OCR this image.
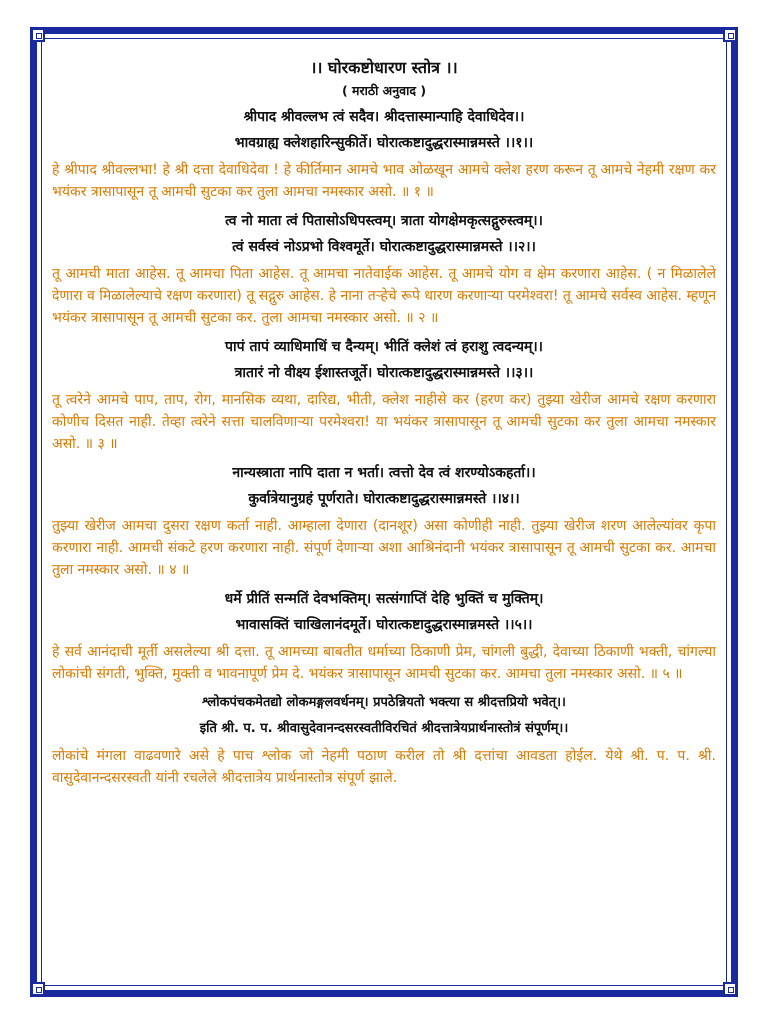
।। घोरकष्टोधारण स्तोत्र ।।
( मराठी अनुवाद )
श्रीपाद श्रीवल्लभ त्वं सदैव। श्रीदत्तास्मान्पाहि देवाधिदेव।।
भावग्राह्य क्लेशहारिन्सुकीर्ते। घोरात्कष्टादुद्धरास्मान्नमस्ते ।।१।।
हे श्रीपाद श्रीवल्लभा! हे श्री दत्ता देवाधिदेवा ! हे कीर्तिमान आमचे भाव ओळखून आमचे क्लेश हरण करून तू आमचे नेहमी रक्षण कर भयंकर त्रासापासून तू आमची सुटका कर तुला आमचा नमस्कार असो. ॥ १ ॥
त्व नो माता त्वं पितासोऽधिपस्त्वम्। त्राता योगक्षेमकृत्सद्गुरुस्त्वम्।।
त्वं सर्वस्वं नोऽप्रभो विश्वमूर्ते। घोरात्कष्टादुद्धरास्मान्नमस्ते ।।२।।
तू आमची माता आहेस. तू आमचा पिता आहेस. तू आमचा नातेवाईक आहेस. तू आमचे योग व क्षेम करणारा आहेस. ( न मिळालेले देणारा व मिळालेल्याचे रक्षण करणारा) तू सद्गुरु आहेस. हे नाना तऱ्हेचे रूपे धारण करणाऱ्या परमेश्वरा! तू आमचे सर्वस्व आहेस. म्हणून भयंकर त्रासापासून तू आमची सुटका कर. तुला आमचा नमस्कार असो. ॥ २ ॥
पापं तापं व्याधिमाधिं च दैन्यम्। भीतिं क्लेशं त्वं हराशु त्वदन्यम्।।
त्रातारं नो वीक्ष्य ईशास्तजूर्ते। घोरात्कष्टादुद्धरास्मान्नमस्ते ।।३।।
तू त्वरेने आमचे पाप, ताप, रोग, मानसिक व्यथा, दारिद्य, भीती, क्लेश नाहीसे कर (हरण कर) तुझ्या खेरीज आमचे रक्षण करणारा कोणीच दिसत नाही. तेव्हा त्वरेने सत्ता चालविणाऱ्या परमेश्वरा! या भयंकर त्रासापासून तू आमची सुटका कर तुला आमचा नमस्कार असो. ॥ ३ ॥
नान्यस्त्राता नापि दाता न भर्ता। त्वत्तो देव त्वं शरण्योऽकहर्ता।।
कुर्वात्रेयानुग्रहं पूर्णराते। घोरात्कष्टादुद्धरास्मान्नमस्ते ।।४।।
तुझ्या खेरीज आमचा दुसरा रक्षण कर्ता नाही. आम्हाला देणारा (दानशूर) असा कोणीही नाही. तुझ्या खेरीज शरण आलेल्यांवर कृपा करणारा नाही. आमची संकटे हरण करणारा नाही. संपूर्ण देणाऱ्या अशा आश्रिनंदानी भयंकर त्रासापासून तू आमची सुटका कर. आमचा तुला नमस्कार असो. ॥ ४ ॥
धर्मे प्रीतिं सन्मतिं देवभक्तिम्। सत्संगाप्तिं देहि भुक्तिं च मुक्तिम्।
भावासक्तिं चाखिलानंदमूर्ते। घोरात्कष्टादुद्धरास्मान्नमस्ते ।।५।।
हे सर्व आनंदाची मूर्ती असलेल्या श्री दत्ता. तू आमच्या बाबतीत धर्माच्या ठिकाणी प्रेम, चांगली बुद्धी, देवाच्या ठिकाणी भक्ती, चांगल्या लोकांची संगती, भुक्ति, मुक्ती व भावनापूर्ण प्रेम दे. भयंकर त्रासापासून आमची सुटका कर. आमचा तुला नमस्कार असो. ॥ ५ ॥
श्लोकपंचकमेतद्यो लोकमङ्गलवर्धनम्। प्रपठेन्नियतो भक्त्या स श्रीदत्तप्रियो भवेत्।।
इति श्री. प. प. श्रीवासुदेवानन्दसरस्वतीविरचितं श्रीदत्तात्रेयप्रार्थनास्तोत्रं संपूर्णम्।।
लोकांचे मंगला वाढवणारे असे हे पाच श्लोक जो नेहमी पठाण करील तो श्री दत्तांचा आवडता होईल. येथे श्री. प. प. श्री. वासुदेवानन्दसरस्वती यांनी रचलेले श्रीदत्तात्रेय प्रार्थनास्तोत्र संपूर्ण झाले.
